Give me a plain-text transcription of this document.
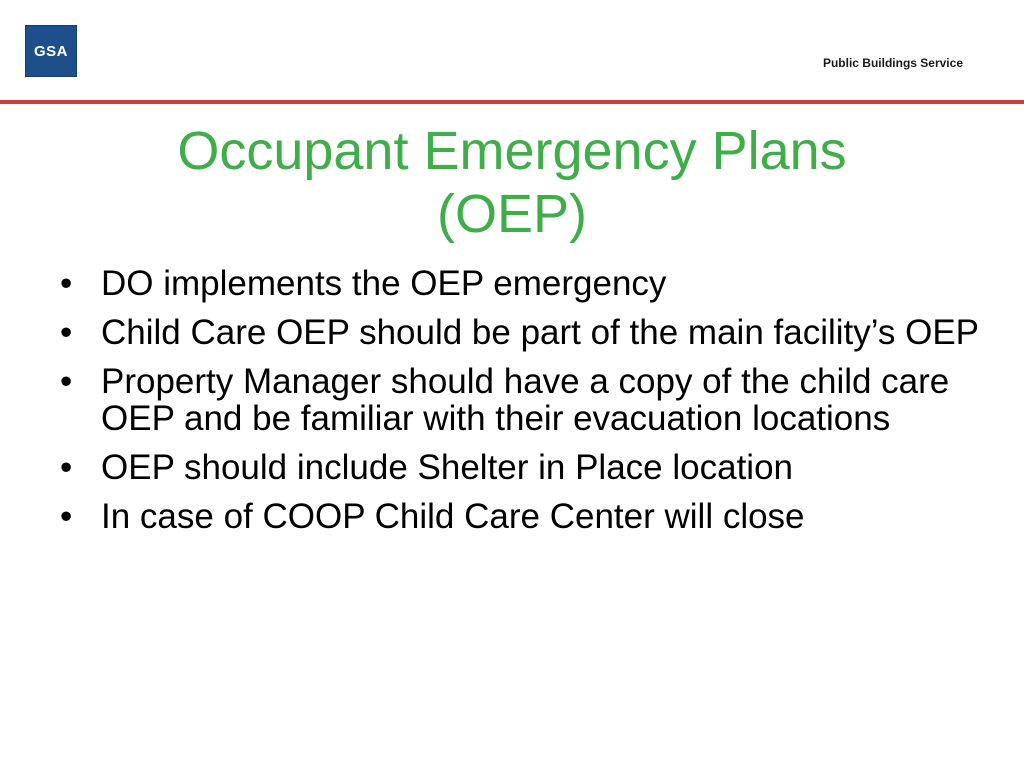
GSA
Public Buildings Service
Occupant Emergency Plans
(OEP)
• DO implements the OEP emergency
• Child Care OEP should be part of the main facility’s OEP
• Property Manager should have a copy of the child care OEP and be familiar with their evacuation locations
• OEP should include Shelter in Place location
• In case of COOP Child Care Center will close
